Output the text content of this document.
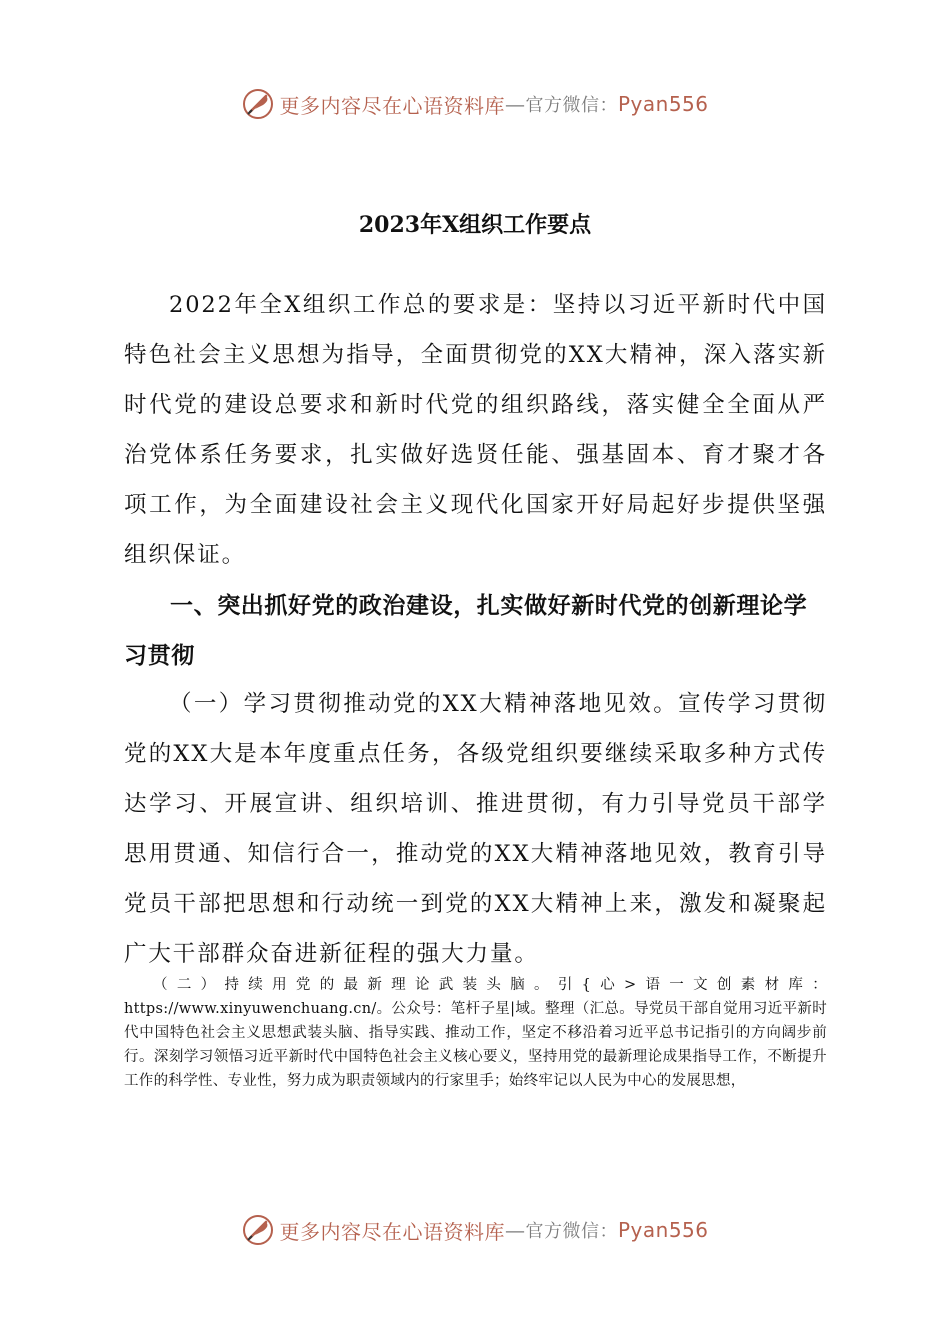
更多内容尽在心语资料库 — 官方微信： Pyan556
2023年X组织工作要点

2022年全X组织工作总的要求是：坚持以习近平新时代中国特色社会主义思想为指导，全面贯彻党的XX大精神，深入落实新时代党的建设总要求和新时代党的组织路线，落实健全全面从严治党体系任务要求，扎实做好选贤任能、强基固本、育才聚才各项工作，为全面建设社会主义现代化国家开好局起好步提供坚强组织保证。

一、突出抓好党的政治建设，扎实做好新时代党的创新理论学习贯彻

（一）学习贯彻推动党的XX大精神落地见效。宣传学习贯彻党的XX大是本年度重点任务，各级党组织要继续采取多种方式传达学习、开展宣讲、组织培训、推进贯彻，有力引导党员干部学思用贯通、知信行合一，推动党的XX大精神落地见效，教育引导党员干部把思想和行动统一到党的XX大精神上来，激发和凝聚起广大干部群众奋进新征程的强大力量。

（二）持续用党的最新理论武装头脑。引{心>语一文创素材库：https://www.xinyuwenchuang.cn/。公众号：笔杆子星|域。整理（汇总。导党员干部自觉用习近平新时代中国特色社会主义思想武装头脑、指导实践、推动工作，坚定不移沿着习近平总书记指引的方向阔步前行。深刻学习领悟习近平新时代中国特色社会主义核心要义，坚持用党的最新理论成果指导工作，不断提升工作的科学性、专业性，努力成为职责领域内的行家里手；始终牢记以人民为中心的发展思想，

更多内容尽在心语资料库 — 官方微信： Pyan556
